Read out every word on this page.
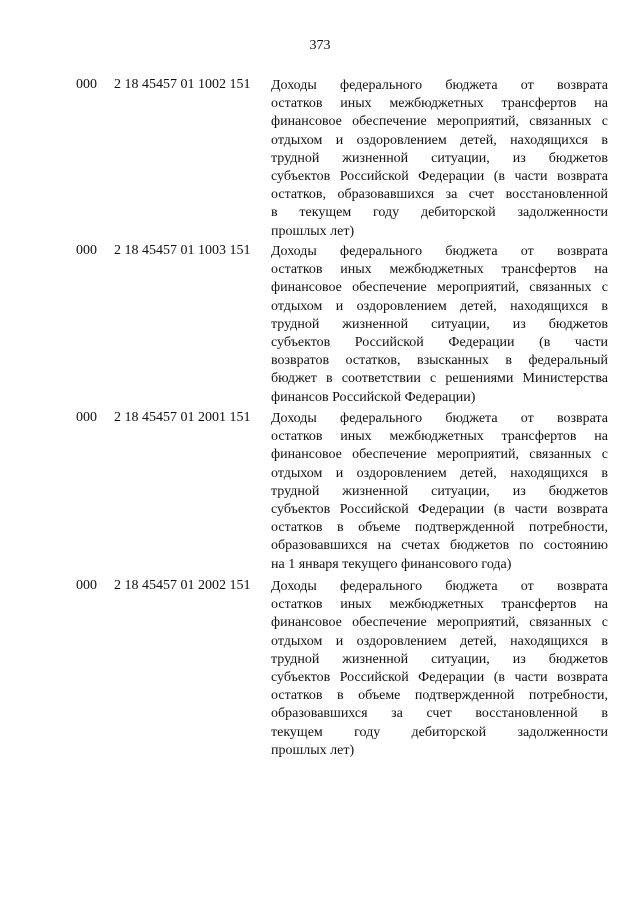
373
000 2 18 45457 01 1002 151 Доходы федерального бюджета от возврата
остатков иных межбюджетных трансфертов на
финансовое обеспечение мероприятий, связанных с
отдыхом и оздоровлением детей, находящихся в
трудной жизненной ситуации, из бюджетов
субъектов Российской Федерации (в части возврата
остатков, образовавшихся за счет восстановленной
в текущем году дебиторской задолженности
прошлых лет)
000 2 18 45457 01 1003 151 Доходы федерального бюджета от возврата
остатков иных межбюджетных трансфертов на
финансовое обеспечение мероприятий, связанных с
отдыхом и оздоровлением детей, находящихся в
трудной жизненной ситуации, из бюджетов
субъектов Российской Федерации (в части
возвратов остатков, взысканных в федеральный
бюджет в соответствии с решениями Министерства
финансов Российской Федерации)
000 2 18 45457 01 2001 151 Доходы федерального бюджета от возврата
остатков иных межбюджетных трансфертов на
финансовое обеспечение мероприятий, связанных с
отдыхом и оздоровлением детей, находящихся в
трудной жизненной ситуации, из бюджетов
субъектов Российской Федерации (в части возврата
остатков в объеме подтвержденной потребности,
образовавшихся на счетах бюджетов по состоянию
на 1 января текущего финансового года)
000 2 18 45457 01 2002 151 Доходы федерального бюджета от возврата
остатков иных межбюджетных трансфертов на
финансовое обеспечение мероприятий, связанных с
отдыхом и оздоровлением детей, находящихся в
трудной жизненной ситуации, из бюджетов
субъектов Российской Федерации (в части возврата
остатков в объеме подтвержденной потребности,
образовавшихся за счет восстановленной в
текущем году дебиторской задолженности
прошлых лет)
